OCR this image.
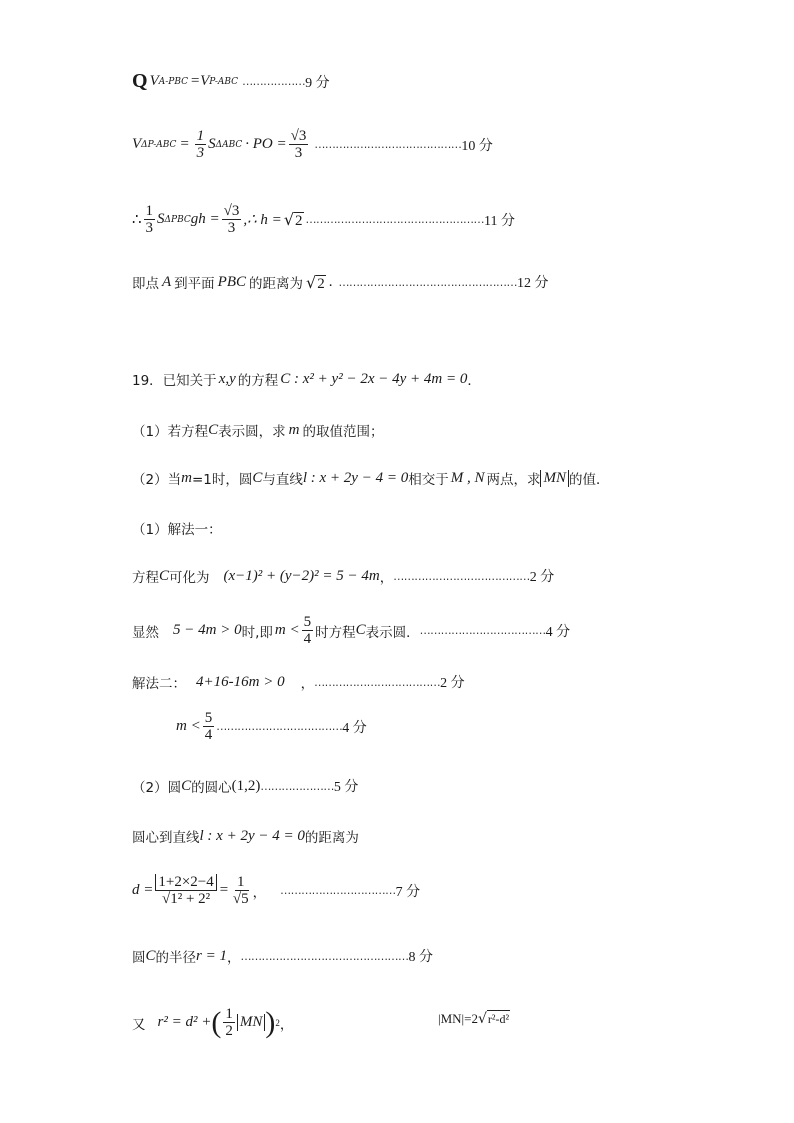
Q V A-PBC =V P-ABC ……………… 9 分
V $\Delta P-ABC = \frac{1}{3}$ S ΔABC · PO = $\frac{√3}{3}$ …………………………………… 10 分
∴ $\frac{1}{3}$ S ΔPBC gh = $\frac{√3}{3}$ ,∴ h = √ 2 …………………………………………… 11 分
即点 A 到平面 PBC 的距离为 √ 2 . …………………………………………… 12 分
19．已知关于 x,y 的方程 C : x² + y² − 2x − 4y + 4m = 0 ．
（1）若方程 C 表示圆，求 m 的取值范围；
（2）当 m =1时，圆 C 与直线 l : x + 2y − 4 = 0 相交于 M , N 两点，求 MN 的值．
（1）解法一：
方程 C 可化为 (x−1)² + (y−2)² = 5 − 4m ， ………………………………… 2 分
显然 5 − 4m > 0 时,即 $m < \frac{5}{4}$ 时方程 C 表示圆． ……………………………… 4 分
解法二： 4+16-16m > 0 ， ……………………………… 2 分
$m < \frac{5}{4}$ ……………………………… 4 分
（2）圆 C 的圆心 (1,2) ………………… 5 分
圆心到直线 l : x + 2y − 4 = 0 的距离为
$d = \frac{1+2\times 2-4}{\text{√1² + 2²}} = \frac{1}{√5}$ ， …………………………… 7 分
圆 C 的半径 r = 1 ， ………………………………………… 8 分
又 r² = d² + ( $\frac{1}{2}$ MN ) 2 ，	|MN|=2 √ r²-d²
